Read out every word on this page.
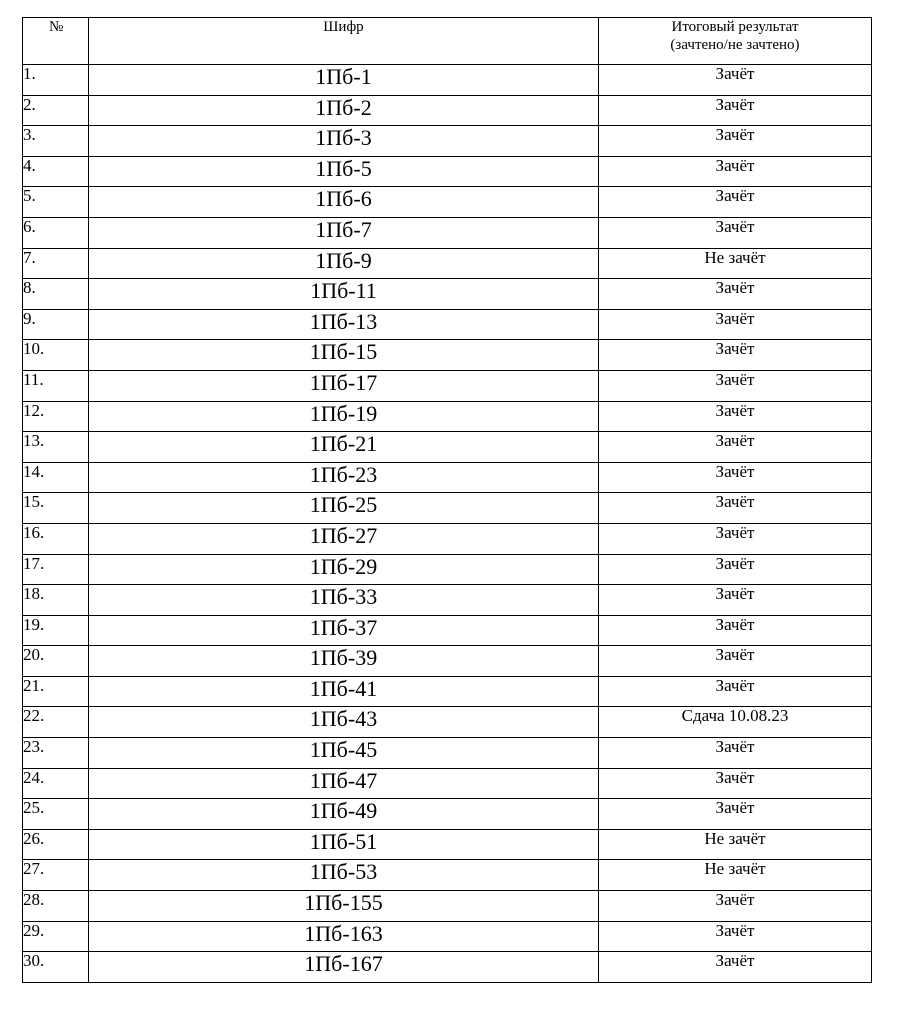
№	Шифр	Итоговый результат
(зачтено/не зачтено)

1.	1Пб-1	Зачёт
2.	1Пб-2	Зачёт
3.	1Пб-3	Зачёт
4.	1Пб-5	Зачёт
5.	1Пб-6	Зачёт
6.	1Пб-7	Зачёт
7.	1Пб-9	Не зачёт
8.	1Пб-11	Зачёт
9.	1Пб-13	Зачёт
10.	1Пб-15	Зачёт
11.	1Пб-17	Зачёт
12.	1Пб-19	Зачёт
13.	1Пб-21	Зачёт
14.	1Пб-23	Зачёт
15.	1Пб-25	Зачёт
16.	1Пб-27	Зачёт
17.	1Пб-29	Зачёт
18.	1Пб-33	Зачёт
19.	1Пб-37	Зачёт
20.	1Пб-39	Зачёт
21.	1Пб-41	Зачёт
22.	1Пб-43	Сдача 10.08.23
23.	1Пб-45	Зачёт
24.	1Пб-47	Зачёт
25.	1Пб-49	Зачёт
26.	1Пб-51	Не зачёт
27.	1Пб-53	Не зачёт
28.	1Пб-155	Зачёт
29.	1Пб-163	Зачёт
30.	1Пб-167	Зачёт
